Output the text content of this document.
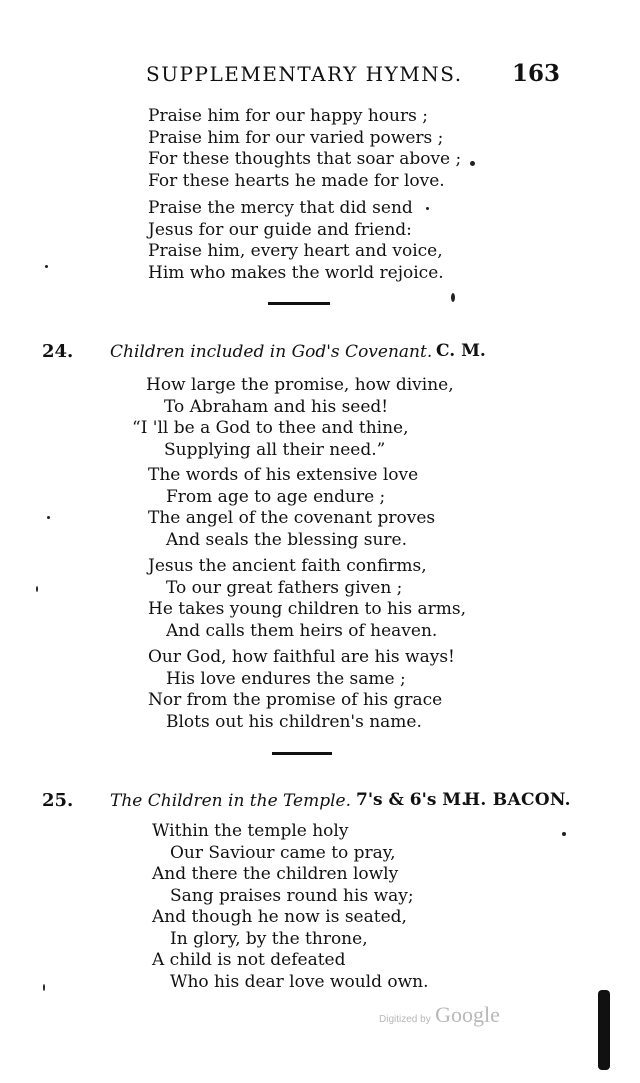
SUPPLEMENTARY HYMNS. 163
Praise him for our happy hours ;
Praise him for our varied powers ;
For these thoughts that soar above ;
For these hearts he made for love.
Praise the mercy that did send
Jesus for our guide and friend:
Praise him, every heart and voice,
Him who makes the world rejoice.
24. Children included in God's Covenant. C. M.
How large the promise, how divine,
To Abraham and his seed!
“I 'll be a God to thee and thine,
Supplying all their need.”
The words of his extensive love
From age to age endure ;
The angel of the covenant proves
And seals the blessing sure.
Jesus the ancient faith confirms,
To our great fathers given ;
He takes young children to his arms,
And calls them heirs of heaven.
Our God, how faithful are his ways!
His love endures the same ;
Nor from the promise of his grace
Blots out his children's name.
25. The Children in the Temple. 7's & 6's M.
H. BACON.
Within the temple holy
Our Saviour came to pray,
And there the children lowly
Sang praises round his way;
And though he now is seated,
In glory, by the throne,
A child is not defeated
Who his dear love would own.
Digitized by Google
